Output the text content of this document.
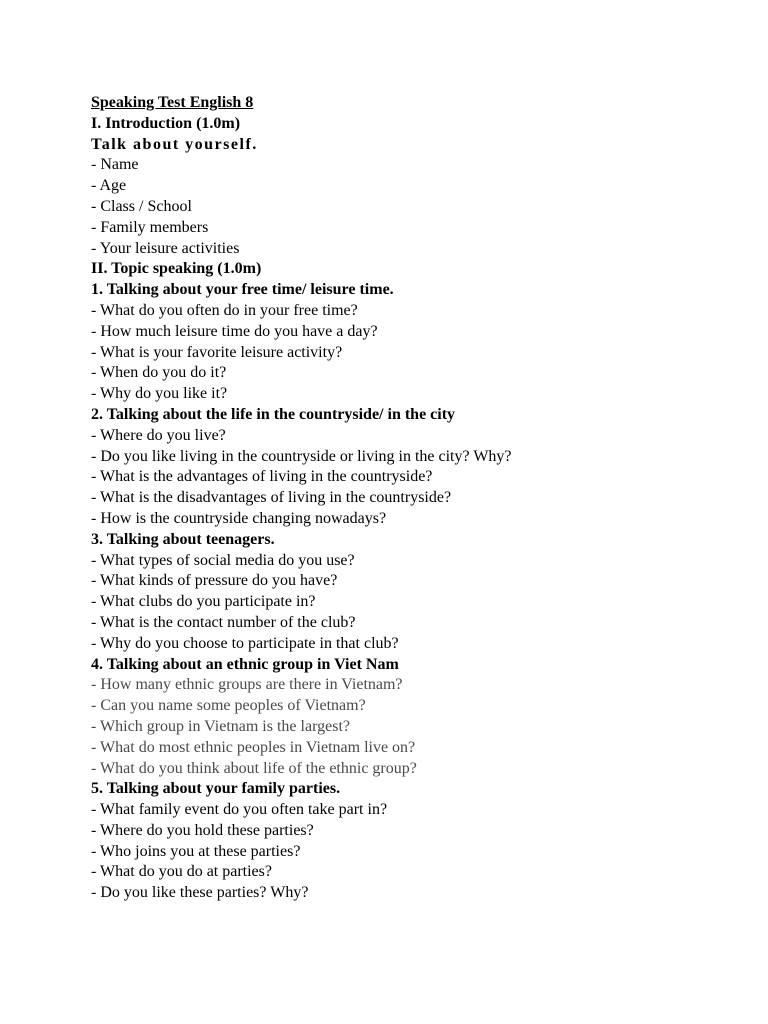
Speaking Test English 8

I. Introduction (1.0m)

Talk about yourself.

- Name

- Age

- Class / School

- Family members

- Your leisure activities

II. Topic speaking (1.0m)

1. Talking about your free time/ leisure time.

- What do you often do in your free time?

- How much leisure time do you have a day?

- What is your favorite leisure activity?

- When do you do it?

- Why do you like it?

2. Talking about the life in the countryside/ in the city

- Where do you live?

- Do you like living in the countryside or living in the city? Why?

- What is the advantages of living in the countryside?

- What is the disadvantages of living in the countryside?

- How is the countryside changing nowadays?

3. Talking about teenagers.

- What types of social media do you use?

- What kinds of pressure do you have?

- What clubs do you participate in?

- What is the contact number of the club?

- Why do you choose to participate in that club?

4. Talking about an ethnic group in Viet Nam

- How many ethnic groups are there in Vietnam?

- Can you name some peoples of Vietnam?

- Which group in Vietnam is the largest?

- What do most ethnic peoples in Vietnam live on?

- What do you think about life of the ethnic group?

5. Talking about your family parties.

- What family event do you often take part in?

- Where do you hold these parties?

- Who joins you at these parties?

- What do you do at parties?

- Do you like these parties? Why?
